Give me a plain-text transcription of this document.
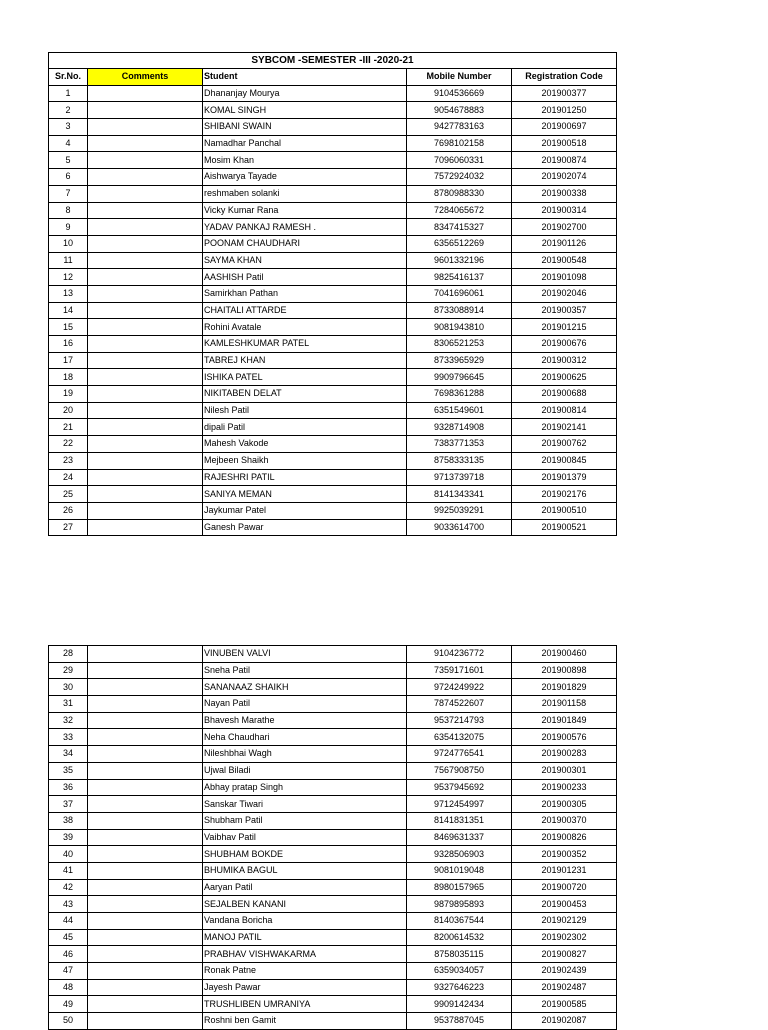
SYBCOM -SEMESTER -III -2020-21				
Sr.No.	Comments	Student	Mobile Number	Registration Code
1		Dhananjay Mourya	9104536669	201900377
2		KOMAL SINGH	9054678883	201901250
3		SHIBANI SWAIN	9427783163	201900697
4		Namadhar Panchal	7698102158	201900518
5		Mosim Khan	7096060331	201900874
6		Aishwarya Tayade	7572924032	201902074
7		reshmaben solanki	8780988330	201900338
8		Vicky Kumar Rana	7284065672	201900314
9		YADAV PANKAJ RAMESH .	8347415327	201902700
10		POONAM CHAUDHARI	6356512269	201901126
11		SAYMA KHAN	9601332196	201900548
12		AASHISH Patil	9825416137	201901098
13		Samirkhan Pathan	7041696061	201902046
14		CHAITALI ATTARDE	8733088914	201900357
15		Rohini Avatale	9081943810	201901215
16		KAMLESHKUMAR PATEL	8306521253	201900676
17		TABREJ KHAN	8733965929	201900312
18		ISHIKA PATEL	9909796645	201900625
19		NIKITABEN DELAT	7698361288	201900688
20		Nilesh Patil	6351549601	201900814
21		dipali Patil	9328714908	201902141
22		Mahesh Vakode	7383771353	201900762
23		Mejbeen Shaikh	8758333135	201900845
24		RAJESHRI PATIL	9713739718	201901379
25		SANIYA MEMAN	8141343341	201902176
26		Jaykumar Patel	9925039291	201900510
27		Ganesh Pawar	9033614700	201900521
28		VINUBEN VALVI	9104236772	201900460
29		Sneha Patil	7359171601	201900898
30		SANANAAZ SHAIKH	9724249922	201901829
31		Nayan Patil	7874522607	201901158
32		Bhavesh Marathe	9537214793	201901849
33		Neha Chaudhari	6354132075	201900576
34		Nileshbhai Wagh	9724776541	201900283
35		Ujwal Biladi	7567908750	201900301
36		Abhay pratap Singh	9537945692	201900233
37		Sanskar Tiwari	9712454997	201900305
38		Shubham Patil	8141831351	201900370
39		Vaibhav Patil	8469631337	201900826
40		SHUBHAM BOKDE	9328506903	201900352
41		BHUMIKA BAGUL	9081019048	201901231
42		Aaryan Patil	8980157965	201900720
43		SEJALBEN KANANI	9879895893	201900453
44		Vandana Boricha	8140367544	201902129
45		MANOJ PATIL	8200614532	201902302
46		PRABHAV VISHWAKARMA	8758035115	201900827
47		Ronak Patne	6359034057	201902439
48		Jayesh Pawar	9327646223	201902487
49		TRUSHLIBEN UMRANIYA	9909142434	201900585
50		Roshni ben Gamit	9537887045	201902087
